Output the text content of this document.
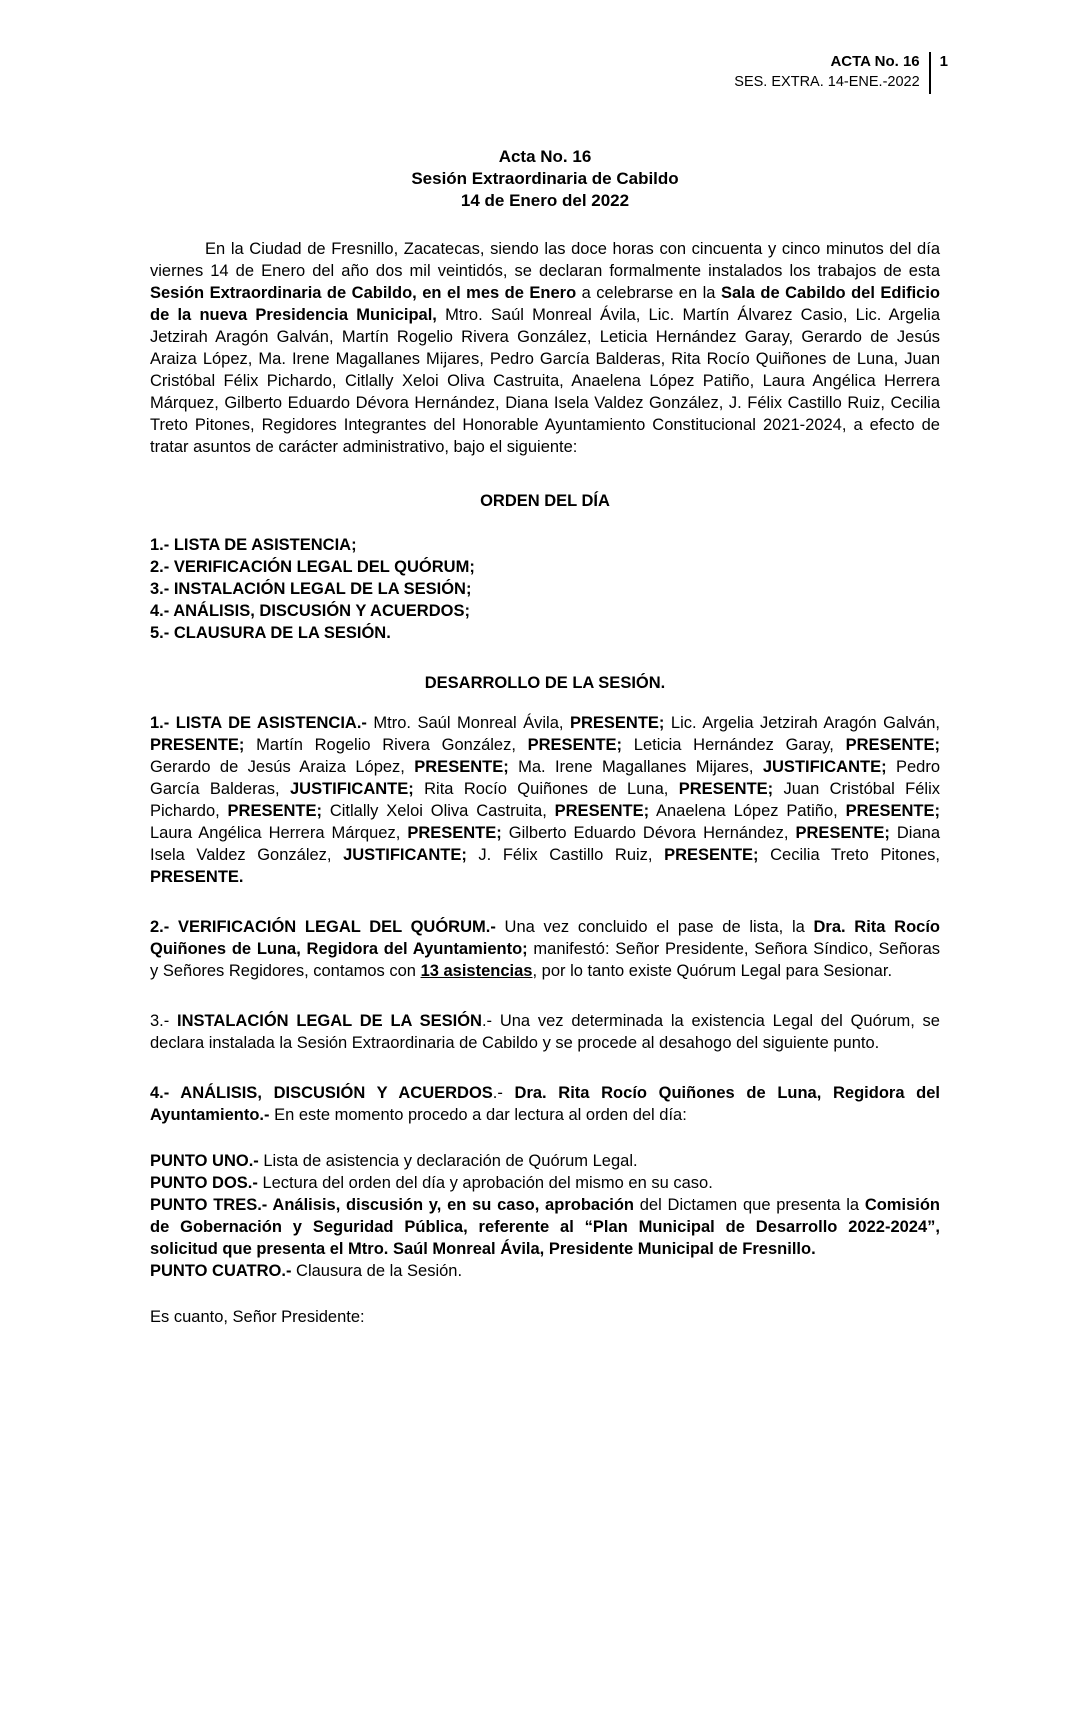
ACTA No. 16
SES. EXTRA. 14-ENE.-2022
1
Acta No. 16
Sesión Extraordinaria de Cabildo
14 de Enero del 2022

En la Ciudad de Fresnillo, Zacatecas, siendo las doce horas con cincuenta y cinco minutos del día viernes 14 de Enero del año dos mil veintidós, se declaran formalmente instalados los trabajos de esta Sesión Extraordinaria de Cabildo, en el mes de Enero a celebrarse en la Sala de Cabildo del Edificio de la nueva Presidencia Municipal, Mtro. Saúl Monreal Ávila, Lic. Martín Álvarez Casio, Lic. Argelia Jetzirah Aragón Galván, Martín Rogelio Rivera González, Leticia Hernández Garay, Gerardo de Jesús Araiza López, Ma. Irene Magallanes Mijares, Pedro García Balderas, Rita Rocío Quiñones de Luna, Juan Cristóbal Félix Pichardo, Citlally Xeloi Oliva Castruita, Anaelena López Patiño, Laura Angélica Herrera Márquez, Gilberto Eduardo Dévora Hernández, Diana Isela Valdez González, J. Félix Castillo Ruiz, Cecilia Treto Pitones, Regidores Integrantes del Honorable Ayuntamiento Constitucional 2021-2024, a efecto de tratar asuntos de carácter administrativo, bajo el siguiente:

ORDEN DEL DÍA
1.- LISTA DE ASISTENCIA;
2.- VERIFICACIÓN LEGAL DEL QUÓRUM;
3.- INSTALACIÓN LEGAL DE LA SESIÓN;
4.- ANÁLISIS, DISCUSIÓN Y ACUERDOS;
5.- CLAUSURA DE LA SESIÓN.
DESARROLLO DE LA SESIÓN.

1.- LISTA DE ASISTENCIA.- Mtro. Saúl Monreal Ávila, PRESENTE; Lic. Argelia Jetzirah Aragón Galván, PRESENTE; Martín Rogelio Rivera González, PRESENTE; Leticia Hernández Garay, PRESENTE; Gerardo de Jesús Araiza López, PRESENTE; Ma. Irene Magallanes Mijares, JUSTIFICANTE; Pedro García Balderas, JUSTIFICANTE; Rita Rocío Quiñones de Luna, PRESENTE; Juan Cristóbal Félix Pichardo, PRESENTE; Citlally Xeloi Oliva Castruita, PRESENTE; Anaelena López Patiño, PRESENTE; Laura Angélica Herrera Márquez, PRESENTE; Gilberto Eduardo Dévora Hernández, PRESENTE; Diana Isela Valdez González, JUSTIFICANTE; J. Félix Castillo Ruiz, PRESENTE; Cecilia Treto Pitones, PRESENTE.

2.- VERIFICACIÓN LEGAL DEL QUÓRUM.- Una vez concluido el pase de lista, la Dra. Rita Rocío Quiñones de Luna, Regidora del Ayuntamiento; manifestó: Señor Presidente, Señora Síndico, Señoras y Señores Regidores, contamos con 13 asistencias, por lo tanto existe Quórum Legal para Sesionar.

3.- INSTALACIÓN LEGAL DE LA SESIÓN.- Una vez determinada la existencia Legal del Quórum, se declara instalada la Sesión Extraordinaria de Cabildo y se procede al desahogo del siguiente punto.

4.- ANÁLISIS, DISCUSIÓN Y ACUERDOS.- Dra. Rita Rocío Quiñones de Luna, Regidora del Ayuntamiento.- En este momento procedo a dar lectura al orden del día:

PUNTO UNO.- Lista de asistencia y declaración de Quórum Legal.

PUNTO DOS.- Lectura del orden del día y aprobación del mismo en su caso.

PUNTO TRES.- Análisis, discusión y, en su caso, aprobación del Dictamen que presenta la Comisión de Gobernación y Seguridad Pública, referente al “Plan Municipal de Desarrollo 2022-2024”, solicitud que presenta el Mtro. Saúl Monreal Ávila, Presidente Municipal de Fresnillo.

PUNTO CUATRO.- Clausura de la Sesión.

Es cuanto, Señor Presidente:
